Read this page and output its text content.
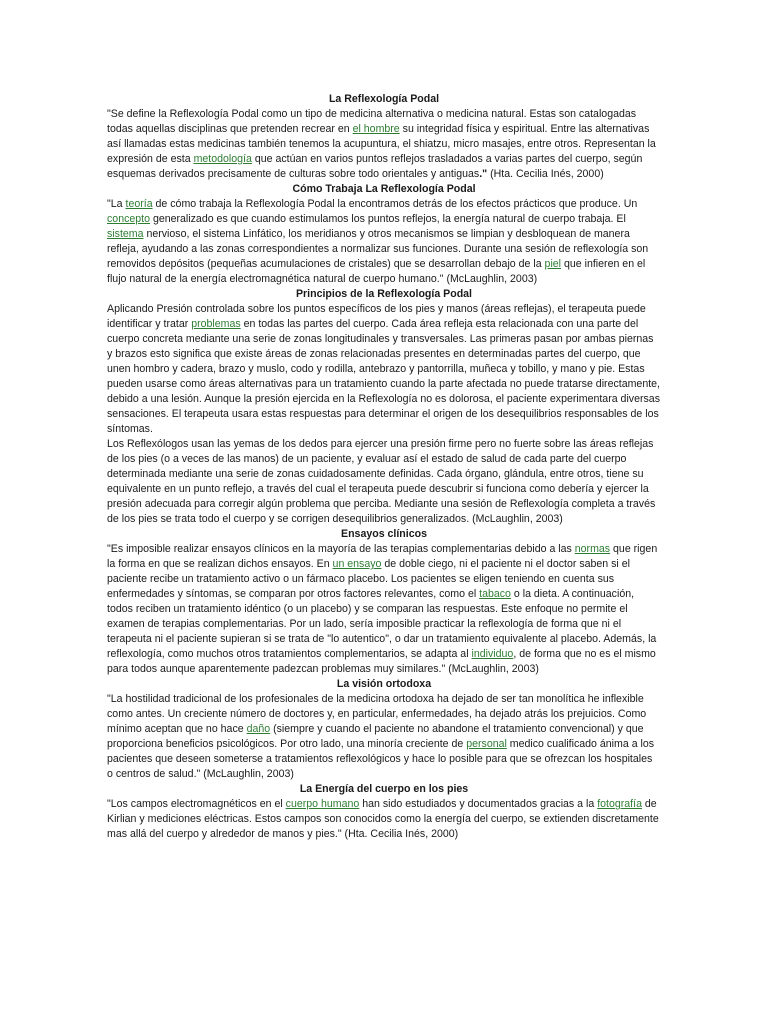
La Reflexología Podal

"Se define la Reflexología Podal como un tipo de medicina alternativa o medicina natural. Estas son catalogadas todas aquellas disciplinas que pretenden recrear en el hombre su integridad física y espiritual. Entre las alternativas así llamadas estas medicinas también tenemos la acupuntura, el shiatzu, micro masajes, entre otros. Representan la expresión de esta metodología que actúan en varios puntos reflejos trasladados a varias partes del cuerpo, según esquemas derivados precisamente de culturas sobre todo orientales y antiguas." (Hta. Cecilia Inés, 2000)

Cómo Trabaja La Reflexología Podal

"La teoría de cómo trabaja la Reflexología Podal la encontramos detrás de los efectos prácticos que produce. Un concepto generalizado es que cuando estimulamos los puntos reflejos, la energía natural de cuerpo trabaja. El sistema nervioso, el sistema Linfático, los meridianos y otros mecanismos se limpian y desbloquean de manera refleja, ayudando a las zonas correspondientes a normalizar sus funciones. Durante una sesión de reflexología son removidos depósitos (pequeñas acumulaciones de cristales) que se desarrollan debajo de la piel que infieren en el flujo natural de la energía electromagnética natural de cuerpo humano." (McLaughlin, 2003)

Principios de la Reflexología Podal

Aplicando Presión controlada sobre los puntos específicos de los pies y manos (áreas reflejas), el terapeuta puede identificar y tratar problemas en todas las partes del cuerpo. Cada área refleja esta relacionada con una parte del cuerpo concreta mediante una serie de zonas longitudinales y transversales. Las primeras pasan por ambas piernas y brazos esto significa que existe áreas de zonas relacionadas presentes en determinadas partes del cuerpo, que unen hombro y cadera, brazo y muslo, codo y rodilla, antebrazo y pantorrilla, muñeca y tobillo, y mano y pie. Estas pueden usarse como áreas alternativas para un tratamiento cuando la parte afectada no puede tratarse directamente, debido a una lesión. Aunque la presión ejercida en la Reflexología no es dolorosa, el paciente experimentara diversas sensaciones. El terapeuta usara estas respuestas para determinar el origen de los desequilibrios responsables de los síntomas.

Los Reflexólogos usan las yemas de los dedos para ejercer una presión firme pero no fuerte sobre las áreas reflejas de los pies (o a veces de las manos) de un paciente, y evaluar así el estado de salud de cada parte del cuerpo determinada mediante una serie de zonas cuidadosamente definidas. Cada órgano, glándula, entre otros, tiene su equivalente en un punto reflejo, a través del cual el terapeuta puede descubrir si funciona como debería y ejercer la presión adecuada para corregir algún problema que perciba. Mediante una sesión de Reflexología completa a través de los pies se trata todo el cuerpo y se corrigen desequilibrios generalizados. (McLaughlin, 2003)

Ensayos clínicos

"Es imposible realizar ensayos clínicos en la mayoría de las terapias complementarias debido a las normas que rigen la forma en que se realizan dichos ensayos. En un ensayo de doble ciego, ni el paciente ni el doctor saben si el paciente recibe un tratamiento activo o un fármaco placebo. Los pacientes se eligen teniendo en cuenta sus enfermedades y síntomas, se comparan por otros factores relevantes, como el tabaco o la dieta. A continuación, todos reciben un tratamiento idéntico (o un placebo) y se comparan las respuestas. Este enfoque no permite el examen de terapias complementarias. Por un lado, sería imposible practicar la reflexología de forma que ni el terapeuta ni el paciente supieran si se trata de "lo autentico", o dar un tratamiento equivalente al placebo. Además, la reflexología, como muchos otros tratamientos complementarios, se adapta al individuo, de forma que no es el mismo para todos aunque aparentemente padezcan problemas muy similares." (McLaughlin, 2003)

La visión ortodoxa

"La hostilidad tradicional de los profesionales de la medicina ortodoxa ha dejado de ser tan monolítica he inflexible como antes. Un creciente número de doctores y, en particular, enfermedades, ha dejado atrás los prejuicios. Como mínimo aceptan que no hace daño (siempre y cuando el paciente no abandone el tratamiento convencional) y que proporciona beneficios psicológicos. Por otro lado, una minoría creciente de personal medico cualificado ánima a los pacientes que deseen someterse a tratamientos reflexológicos y hace lo posible para que se ofrezcan los hospitales o centros de salud." (McLaughlin, 2003)

La Energía del cuerpo en los pies

"Los campos electromagnéticos en el cuerpo humano han sido estudiados y documentados gracias a la fotografía de Kirlian y mediciones eléctricas. Estos campos son conocidos como la energía del cuerpo, se extienden discretamente mas allá del cuerpo y alrededor de manos y pies." (Hta. Cecilia Inés, 2000)
